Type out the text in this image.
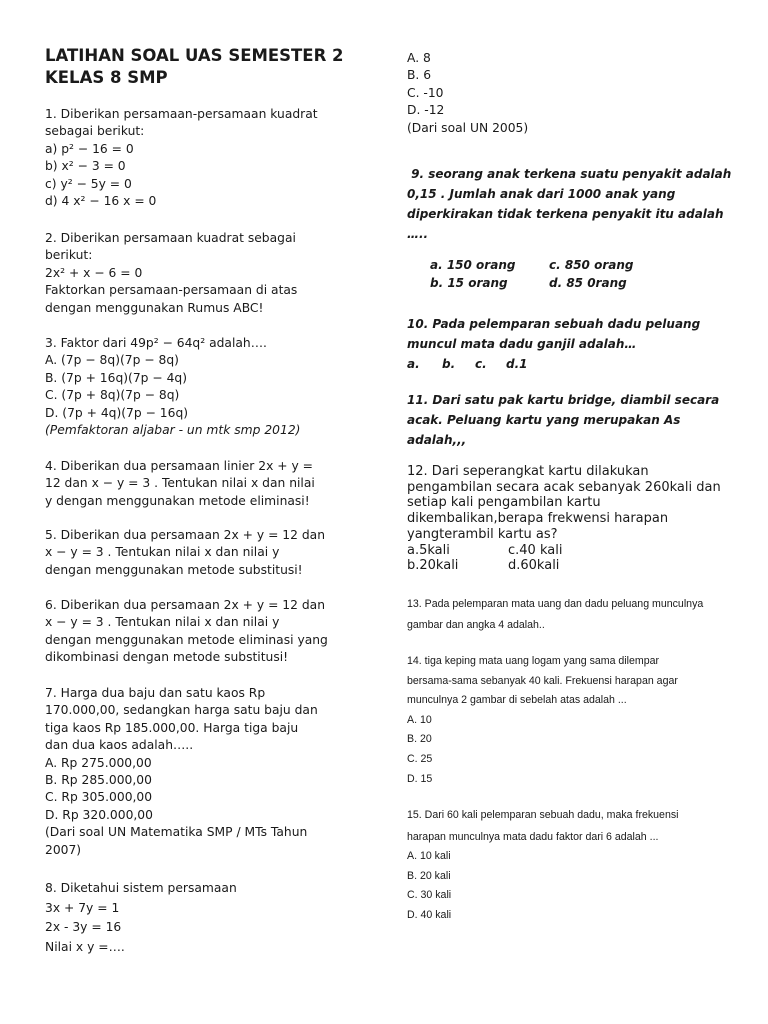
LATIHAN SOAL UAS SEMESTER 2
KELAS 8 SMP
1. Diberikan persamaan-persamaan kuadrat
sebagai berikut:
a) p² − 16 = 0
b) x² − 3 = 0
c) y² − 5y = 0
d) 4 x² − 16 x = 0
2. Diberikan persamaan kuadrat sebagai
berikut:
2x² + x − 6 = 0
Faktorkan persamaan-persamaan di atas
dengan menggunakan Rumus ABC!
3. Faktor dari 49p² − 64q² adalah….
A. (7p − 8q)(7p − 8q)
B. (7p + 16q)(7p − 4q)
C. (7p + 8q)(7p − 8q)
D. (7p + 4q)(7p − 16q)
(Pemfaktoran aljabar - un mtk smp 2012)
4. Diberikan dua persamaan linier 2x + y =
12 dan x − y = 3 . Tentukan nilai x dan nilai
y dengan menggunakan metode eliminasi!
5. Diberikan dua persamaan 2x + y = 12 dan
x − y = 3 . Tentukan nilai x dan nilai y
dengan menggunakan metode substitusi!
6. Diberikan dua persamaan 2x + y = 12 dan
x − y = 3 . Tentukan nilai x dan nilai y
dengan menggunakan metode eliminasi yang
dikombinasi dengan metode substitusi!
7. Harga dua baju dan satu kaos Rp
170.000,00, sedangkan harga satu baju dan
tiga kaos Rp 185.000,00. Harga tiga baju
dan dua kaos adalah…..
A. Rp 275.000,00
B. Rp 285.000,00
C. Rp 305.000,00
D. Rp 320.000,00
(Dari soal UN Matematika SMP / MTs Tahun
2007)
8. Diketahui sistem persamaan
3x + 7y = 1
2x - 3y = 16
Nilai x y =….
A. 8
B. 6
C. -10
D. -12
(Dari soal UN 2005)
9. seorang anak terkena suatu penyakit adalah
0,15 . Jumlah anak dari 1000 anak yang
diperkirakan tidak terkena penyakit itu adalah
…..
a. 150 orang	c. 850 orang
b. 15 orang	d. 85 0rang
10. Pada pelemparan sebuah dadu peluang
muncul mata dadu ganjil adalah…
a.	b.	c.	d.1
11. Dari satu pak kartu bridge, diambil secara
acak. Peluang kartu yang merupakan As
adalah,,,
12. Dari seperangkat kartu dilakukan
pengambilan secara acak sebanyak 260kali dan
setiap kali pengambilan kartu
dikembalikan,berapa frekwensi harapan
yangterambil kartu as?
a.5kali	c.40 kali
b.20kali	d.60kali
13. Pada pelemparan mata uang dan dadu peluang munculnya
gambar dan angka 4 adalah..
14. tiga keping mata uang logam yang sama dilempar
bersama-sama sebanyak 40 kali. Frekuensi harapan agar
munculnya 2 gambar di sebelah atas adalah ...
A. 10
B. 20
C. 25
D. 15
15. Dari 60 kali pelemparan sebuah dadu, maka frekuensi
harapan munculnya mata dadu faktor dari 6 adalah ...
A. 10 kali
B. 20 kali
C. 30 kali
D. 40 kali
